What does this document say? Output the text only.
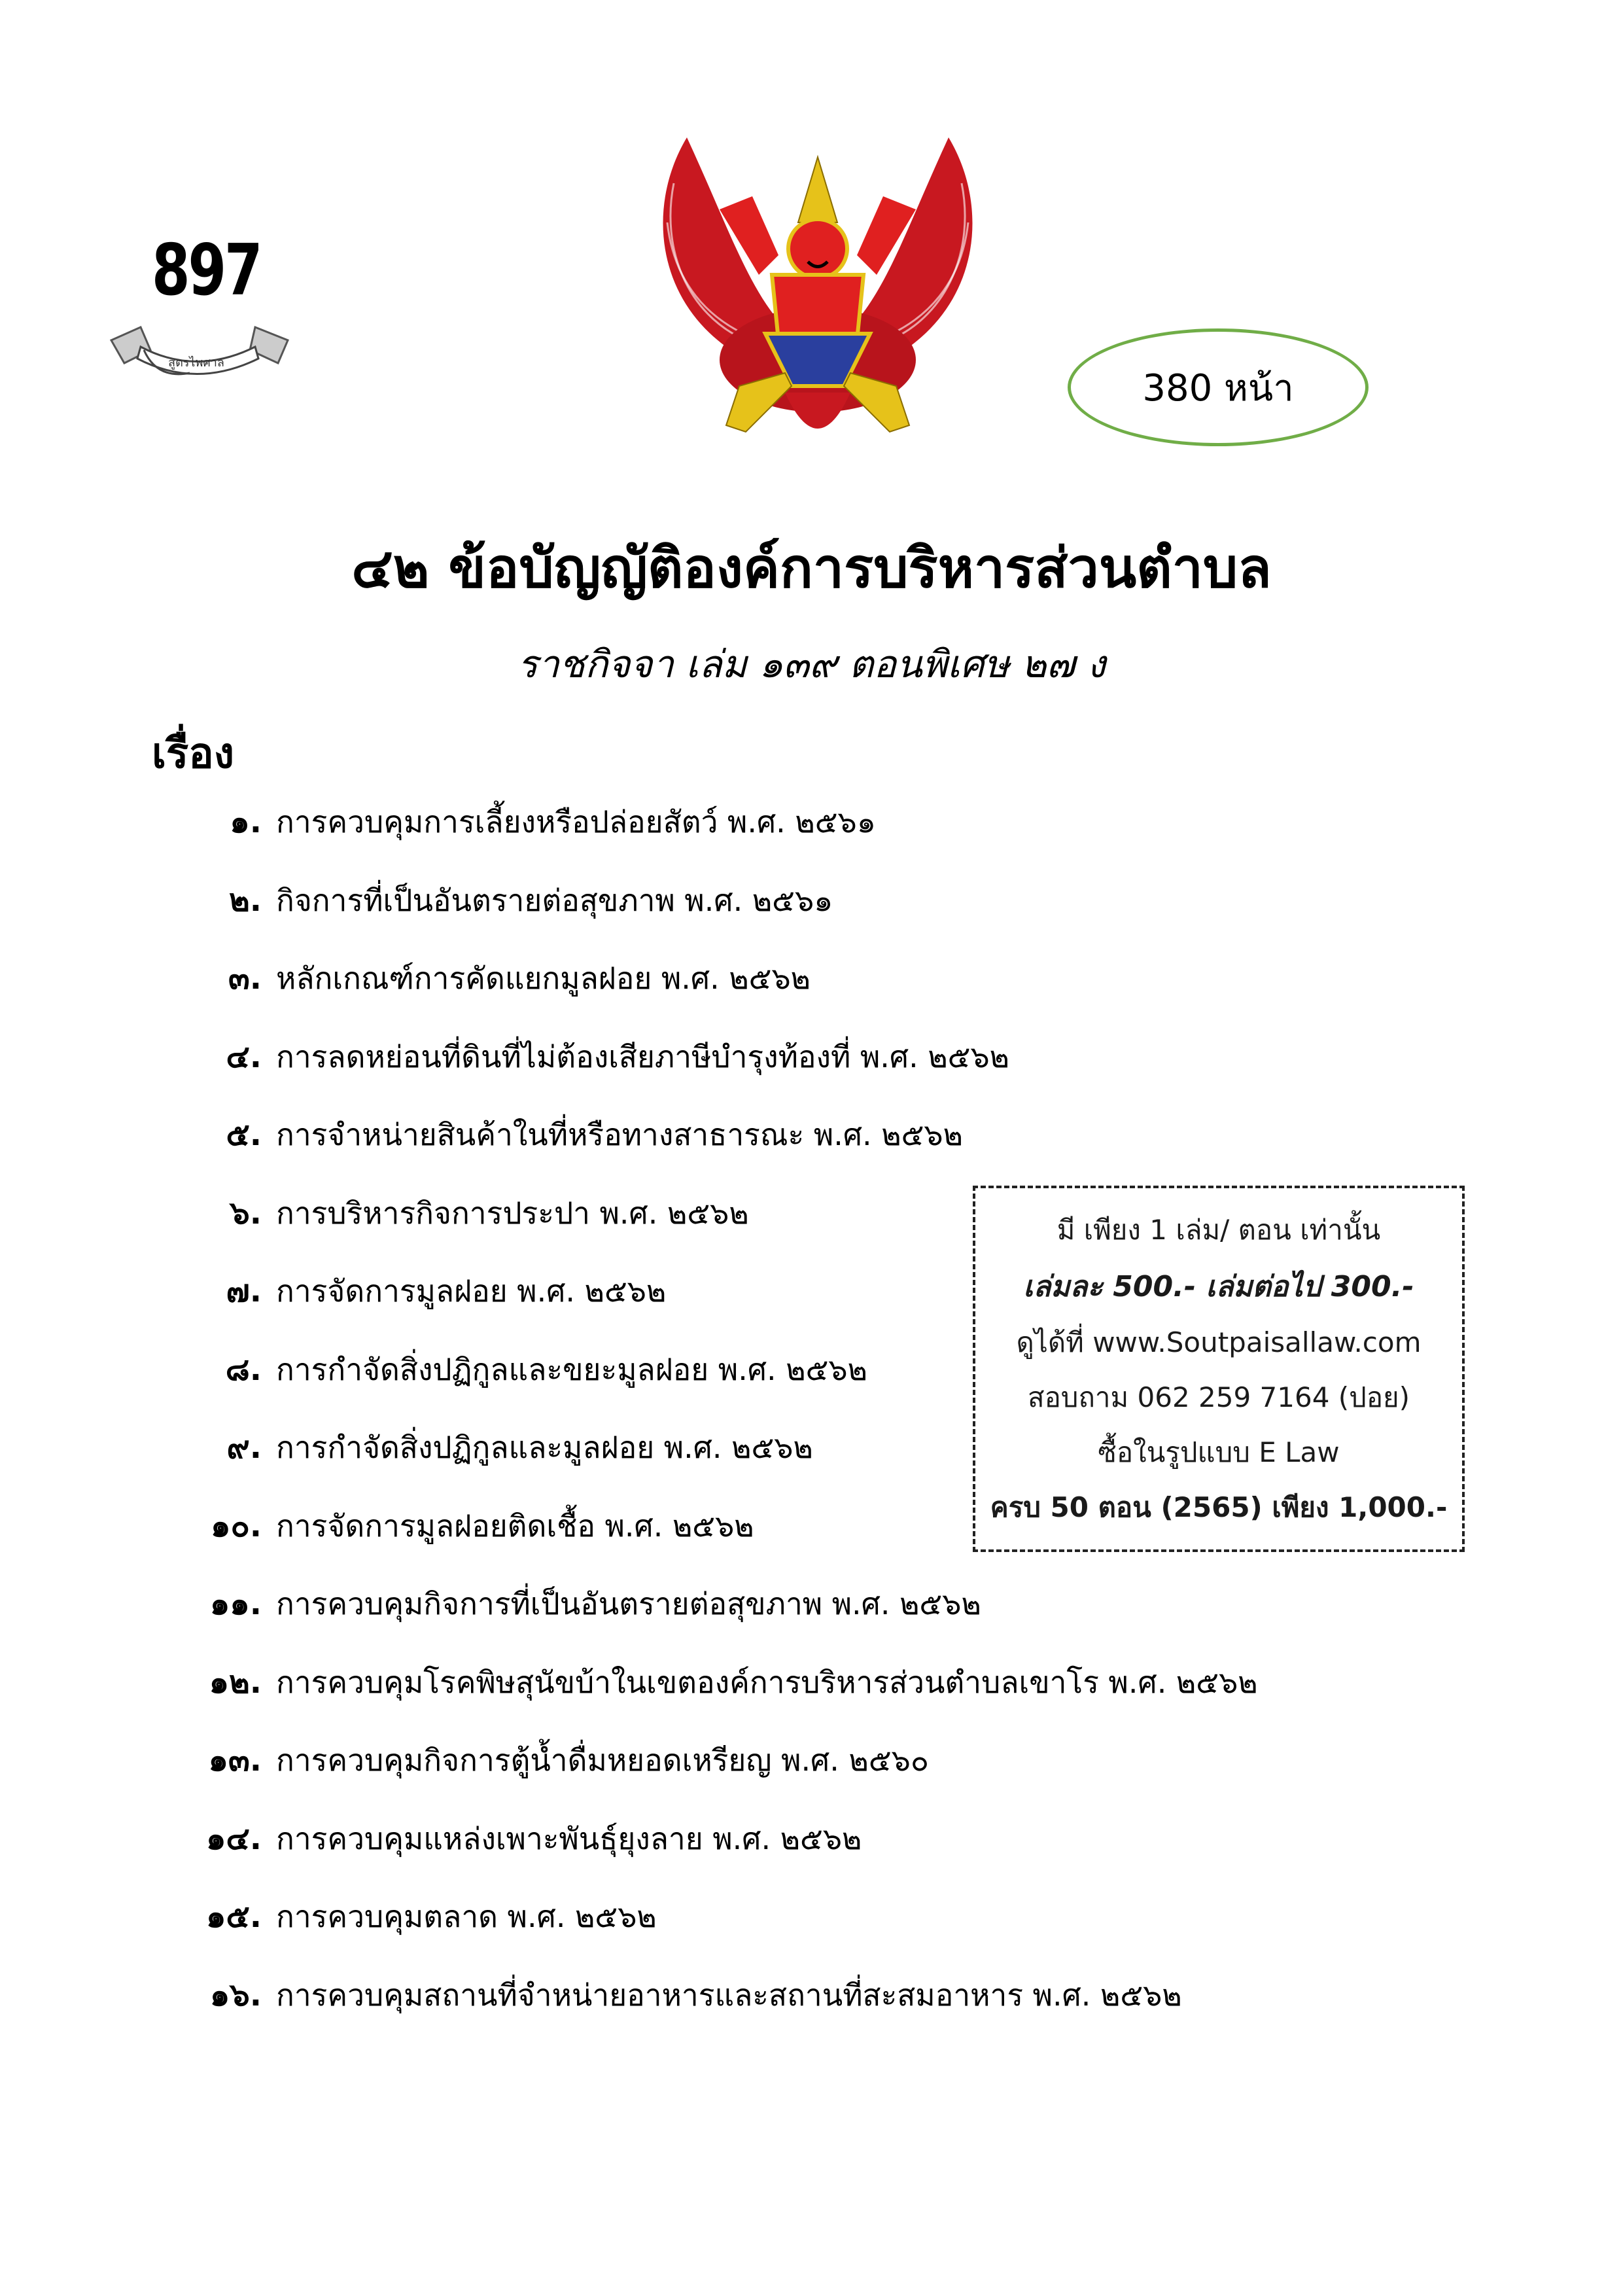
897
สูตรไพศาล
380 หน้า
๔๒ ข้อบัญญัติองค์การบริหารส่วนตำบล
ราชกิจจา เล่ม ๑๓๙ ตอนพิเศษ ๒๗ ง
เรื่อง
๑. การควบคุมการเลี้ยงหรือปล่อยสัตว์ พ.ศ. ๒๕๖๑
๒. กิจการที่เป็นอันตรายต่อสุขภาพ พ.ศ. ๒๕๖๑
๓. หลักเกณฑ์การคัดแยกมูลฝอย พ.ศ. ๒๕๖๒
๔. การลดหย่อนที่ดินที่ไม่ต้องเสียภาษีบำรุงท้องที่ พ.ศ. ๒๕๖๒
๕. การจำหน่ายสินค้าในที่หรือทางสาธารณะ พ.ศ. ๒๕๖๒
๖. การบริหารกิจการประปา พ.ศ. ๒๕๖๒
๗. การจัดการมูลฝอย พ.ศ. ๒๕๖๒
๘. การกำจัดสิ่งปฏิกูลและขยะมูลฝอย พ.ศ. ๒๕๖๒
๙. การกำจัดสิ่งปฏิกูลและมูลฝอย พ.ศ. ๒๕๖๒
๑๐. การจัดการมูลฝอยติดเชื้อ พ.ศ. ๒๕๖๒
๑๑. การควบคุมกิจการที่เป็นอันตรายต่อสุขภาพ พ.ศ. ๒๕๖๒
๑๒. การควบคุมโรคพิษสุนัขบ้าในเขตองค์การบริหารส่วนตำบลเขาโร พ.ศ. ๒๕๖๒
๑๓. การควบคุมกิจการตู้น้ำดื่มหยอดเหรียญ พ.ศ. ๒๕๖๐
๑๔. การควบคุมแหล่งเพาะพันธุ์ยุงลาย พ.ศ. ๒๕๖๒
๑๕. การควบคุมตลาด พ.ศ. ๒๕๖๒
๑๖. การควบคุมสถานที่จำหน่ายอาหารและสถานที่สะสมอาหาร พ.ศ. ๒๕๖๒
มี เพียง 1 เล่ม/ ตอน เท่านั้น
เล่มละ 500.- เล่มต่อไป 300.-
ดูได้ที่ www.Soutpaisallaw.com
สอบถาม 062 259 7164 (ปอย)
ซื้อในรูปแบบ E Law
ครบ 50 ตอน (2565) เพียง 1,000.-
